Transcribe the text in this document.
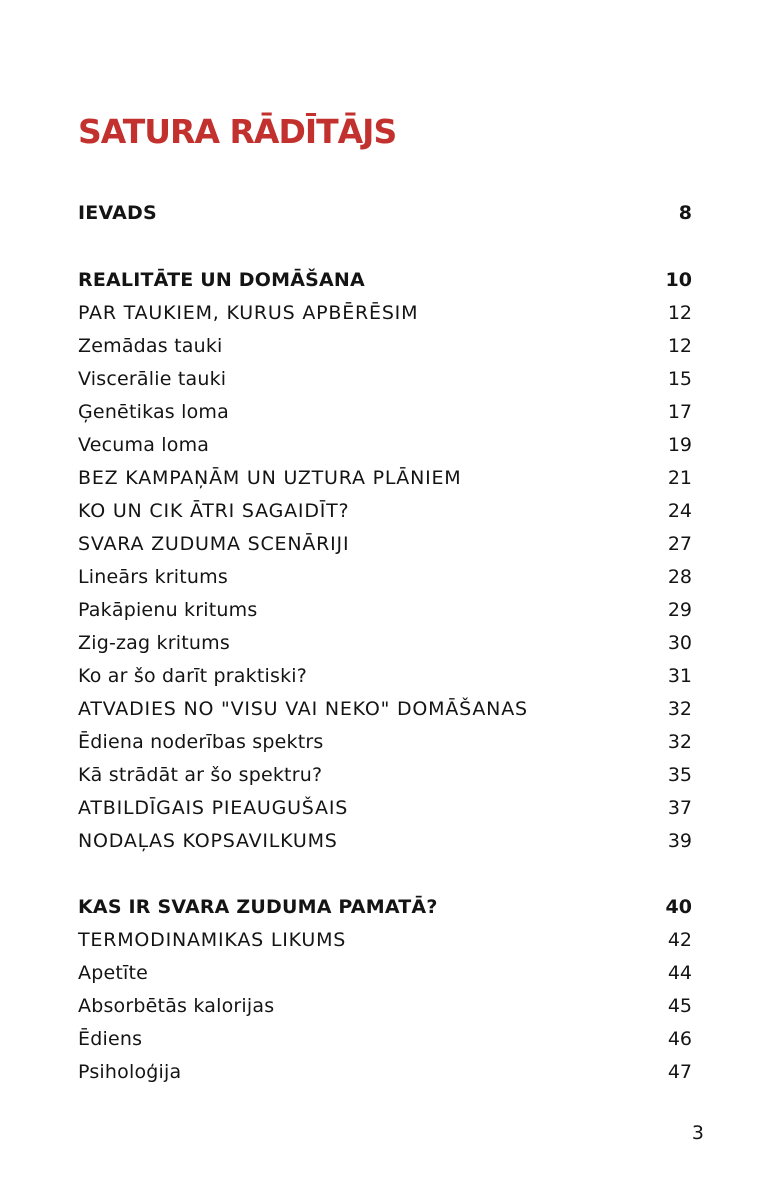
SATURA RĀDĪTĀJS
IEVADS	8
REALITĀTE UN DOMĀŠANA	10
PAR TAUKIEM, KURUS APBĒRĒSIM	12
Zemādas tauki	12
Viscerālie tauki	15
Ģenētikas loma	17
Vecuma loma	19
BEZ KAMPAŅĀM UN UZTURA PLĀNIEM	21
KO UN CIK ĀTRI SAGAIDĪT?	24
SVARA ZUDUMA SCENĀRIJI	27
Lineārs kritums	28
Pakāpienu kritums	29
Zig-zag kritums	30
Ko ar šo darīt praktiski?	31
ATVADIES NO "VISU VAI NEKO" DOMĀŠANAS	32
Ēdiena noderības spektrs	32
Kā strādāt ar šo spektru?	35
ATBILDĪGAIS PIEAUGUŠAIS	37
NODAĻAS KOPSAVILKUMS	39
KAS IR SVARA ZUDUMA PAMATĀ?	40
TERMODINAMIKAS LIKUMS	42
Apetīte	44
Absorbētās kalorijas	45
Ēdiens	46
Psiholoģija	47
3
